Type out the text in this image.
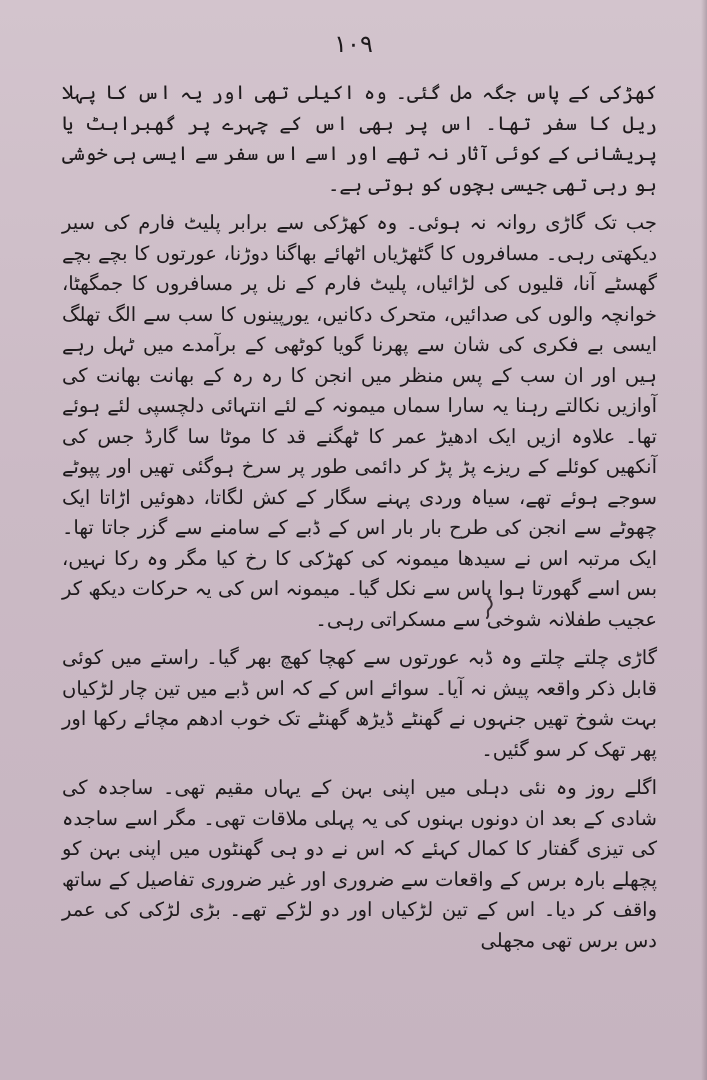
۱۰۹

کھڑکی کے پاس جگہ مل گئی۔ وہ اکیلی تھی اور یہ اس کا پہلا ریل کا سفر تھا۔ اس پر بھی اس کے چہرے پر گھبراہٹ یا پریشانی کے کوئی آثار نہ تھے اور اسے اس سفر سے ایسی ہی خوشی ہو رہی تھی جیسی بچوں کو ہوتی ہے۔

جب تک گاڑی روانہ نہ ہوئی۔ وہ کھڑکی سے برابر پلیٹ فارم کی سیر دیکھتی رہی۔ مسافروں کا گٹھڑیاں اٹھائے بھاگنا دوڑنا، عورتوں کا بچے بچے گھسٹے آنا، قلیوں کی لڑائیاں، پلیٹ فارم کے نل پر مسافروں کا جمگھٹا، خوانچہ والوں کی صدائیں، متحرک دکانیں، یورپینوں کا سب سے الگ تھلگ ایسی بے فکری کی شان سے پھرنا گویا کوٹھی کے برآمدے میں ٹہل رہے ہیں اور ان سب کے پس منظر میں انجن کا رہ رہ کے بھانت بھانت کی آوازیں نکالتے رہنا یہ سارا سماں میمونہ کے لئے انتہائی دلچسپی لئے ہوئے تھا۔ علاوہ ازیں ایک ادھیڑ عمر کا ٹھگنے قد کا موٹا سا گارڈ جس کی آنکھیں کوئلے کے ریزے پڑ پڑ کر دائمی طور پر سرخ ہوگئی تھیں اور پپوٹے سوجے ہوئے تھے، سیاہ وردی پہنے سگار کے کش لگاتا، دھوئیں اڑاتا ایک چھوٹے سے انجن کی طرح بار بار اس کے ڈبے کے سامنے سے گزر جاتا تھا۔ ایک مرتبہ اس نے سیدھا میمونہ کی کھڑکی کا رخ کیا مگر وہ رکا نہیں، بس اسے گھورتا ہوا پاس سے نکل گیا۔ میمونہ اس کی یہ حرکات دیکھ کر عجیب طفلانہ شوخی سے مسکراتی رہی۔

گاڑی چلتے چلتے وہ ڈبہ عورتوں سے کھچا کھچ بھر گیا۔ راستے میں کوئی قابل ذکر واقعہ پیش نہ آیا۔ سوائے اس کے کہ اس ڈبے میں تین چار لڑکیاں بہت شوخ تھیں جنہوں نے گھنٹے ڈیڑھ گھنٹے تک خوب ادھم مچائے رکھا اور پھر تھک کر سو گئیں۔

اگلے روز وہ نئی دہلی میں اپنی بہن کے یہاں مقیم تھی۔ ساجدہ کی شادی کے بعد ان دونوں بہنوں کی یہ پہلی ملاقات تھی۔ مگر اسے ساجدہ کی تیزی گفتار کا کمال کہئے کہ اس نے دو ہی گھنٹوں میں اپنی بہن کو پچھلے بارہ برس کے واقعات سے ضروری اور غیر ضروری تفاصیل کے ساتھ واقف کر دیا۔ اس کے تین لڑکیاں اور دو لڑکے تھے۔ بڑی لڑکی کی عمر دس برس تھی مجھلی
